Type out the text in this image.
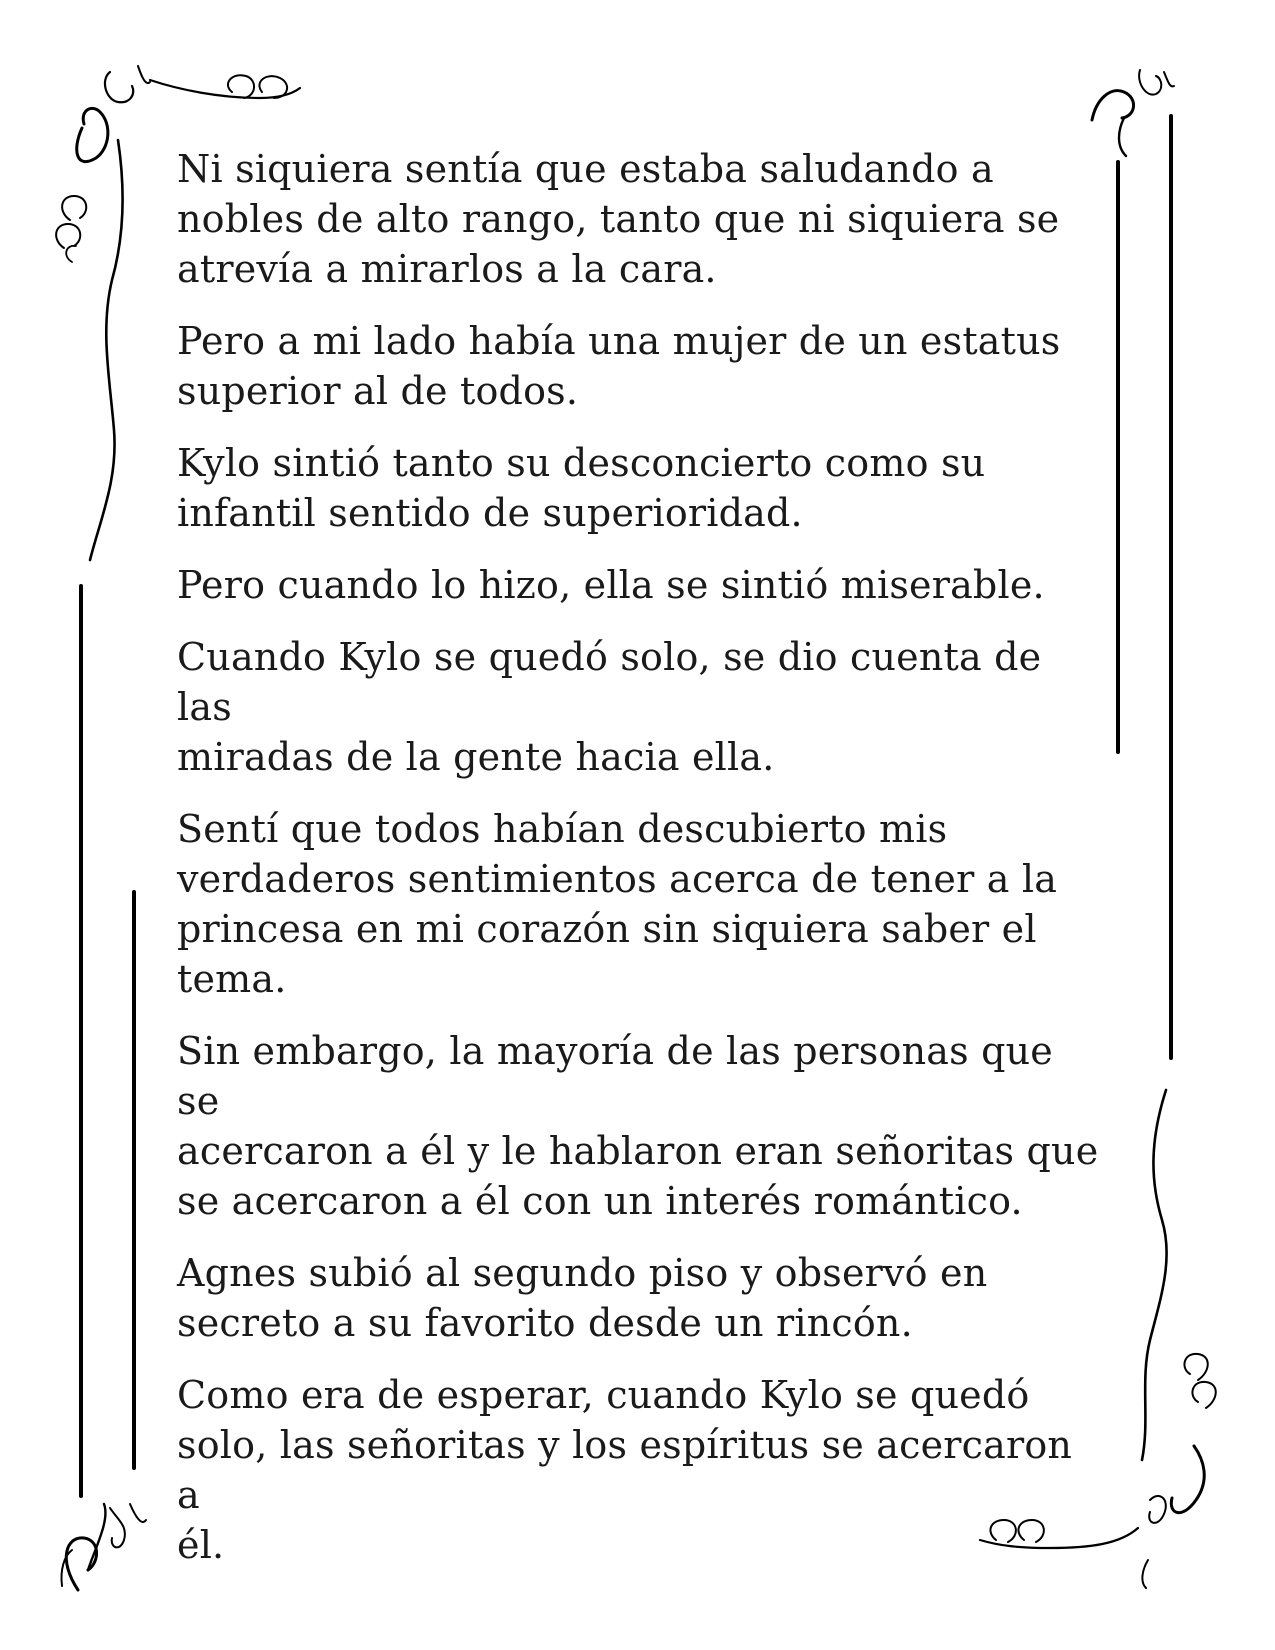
Ni siquiera sentía que estaba saludando a
nobles de alto rango, tanto que ni siquiera se
atrevía a mirarlos a la cara.

Pero a mi lado había una mujer de un estatus
superior al de todos.

Kylo sintió tanto su desconcierto como su
infantil sentido de superioridad.

Pero cuando lo hizo, ella se sintió miserable.

Cuando Kylo se quedó solo, se dio cuenta de las
miradas de la gente hacia ella.

Sentí que todos habían descubierto mis
verdaderos sentimientos acerca de tener a la
princesa en mi corazón sin siquiera saber el
tema.

Sin embargo, la mayoría de las personas que se
acercaron a él y le hablaron eran señoritas que
se acercaron a él con un interés romántico.

Agnes subió al segundo piso y observó en
secreto a su favorito desde un rincón.

Como era de esperar, cuando Kylo se quedó
solo, las señoritas y los espíritus se acercaron a
él.
